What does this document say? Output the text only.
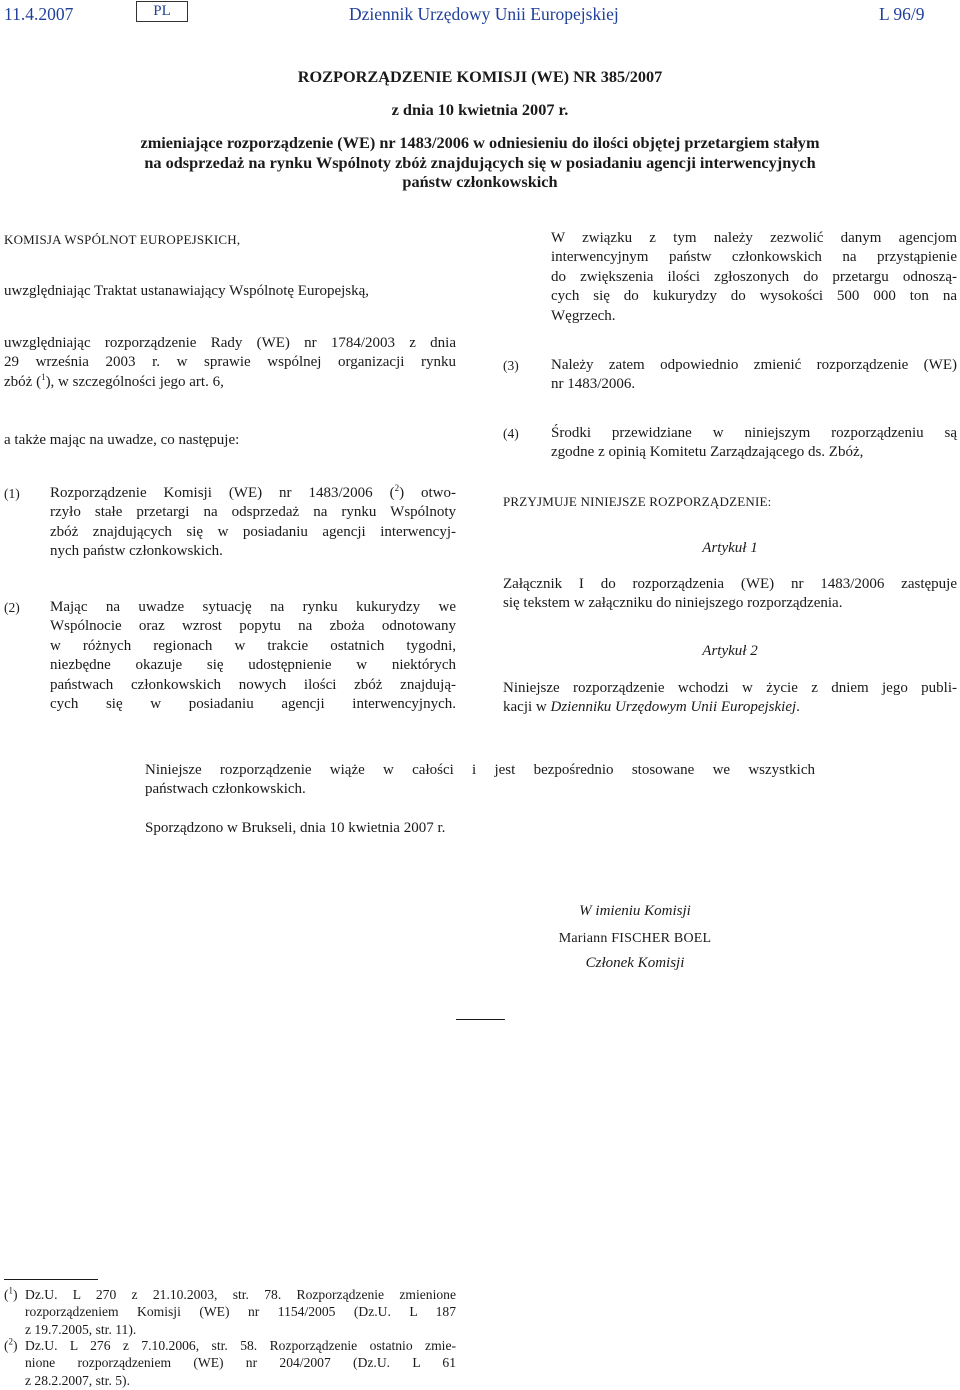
11.4.2007	PL	Dziennik Urzędowy Unii Europejskiej	L 96/9
ROZPORZĄDZENIE KOMISJI (WE) NR 385/2007
z dnia 10 kwietnia 2007 r.
zmieniające rozporządzenie (WE) nr 1483/2006 w odniesieniu do ilości objętej przetargiem stałym
na odsprzedaż na rynku Wspólnoty zbóż znajdujących się w posiadaniu agencji interwencyjnych
państw członkowskich
KOMISJA WSPÓLNOT EUROPEJSKICH,
uwzględniając Traktat ustanawiający Wspólnotę Europejską,
uwzględniając rozporządzenie Rady (WE) nr 1784/2003 z dnia
29 września 2003 r. w sprawie wspólnej organizacji rynku
zbóż ($^1$), w szczególności jego art. 6,
a także mając na uwadze, co następuje:
(1) Rozporządzenie Komisji (WE) nr 1483/2006 ($^2$) otwo-
rzyło stałe przetargi na odsprzedaż na rynku Wspólnoty
zbóż znajdujących się w posiadaniu agencji interwencyj-
nych państw członkowskich.
(2) Mając na uwadze sytuację na rynku kukurydzy we
Wspólnocie oraz wzrost popytu na zboża odnotowany
w różnych regionach w trakcie ostatnich tygodni,
niezbędne okazuje się udostępnienie w niektórych
państwach członkowskich nowych ilości zbóż znajdują-
cych się w posiadaniu agencji interwencyjnych.
W związku z tym należy zezwolić danym agencjom
interwencyjnym państw członkowskich na przystąpienie
do zwiększenia ilości zgłoszonych do przetargu odnoszą-
cych się do kukurydzy do wysokości 500 000 ton na
Węgrzech.
(3) Należy zatem odpowiednio zmienić rozporządzenie (WE)
nr 1483/2006.
(4) Środki przewidziane w niniejszym rozporządzeniu są
zgodne z opinią Komitetu Zarządzającego ds. Zbóż,
PRZYJMUJE NINIEJSZE ROZPORZĄDZENIE:
Artykuł 1
Załącznik I do rozporządzenia (WE) nr 1483/2006 zastępuje
się tekstem w załączniku do niniejszego rozporządzenia.
Artykuł 2
Niniejsze rozporządzenie wchodzi w życie z dniem jego publi-
kacji w Dzienniku Urzędowym Unii Europejskiej.
Niniejsze rozporządzenie wiąże w całości i jest bezpośrednio stosowane we wszystkich
państwach członkowskich.
Sporządzono w Brukseli, dnia 10 kwietnia 2007 r.
W imieniu Komisji
Mariann FISCHER BOEL
Członek Komisji
($^1$) Dz.U. L 270 z 21.10.2003, str. 78. Rozporządzenie zmienione
rozporządzeniem Komisji (WE) nr 1154/2005 (Dz.U. L 187
z 19.7.2005, str. 11).
($^2$) Dz.U. L 276 z 7.10.2006, str. 58. Rozporządzenie ostatnio zmie-
nione rozporządzeniem (WE) nr 204/2007 (Dz.U. L 61
z 28.2.2007, str. 5).
